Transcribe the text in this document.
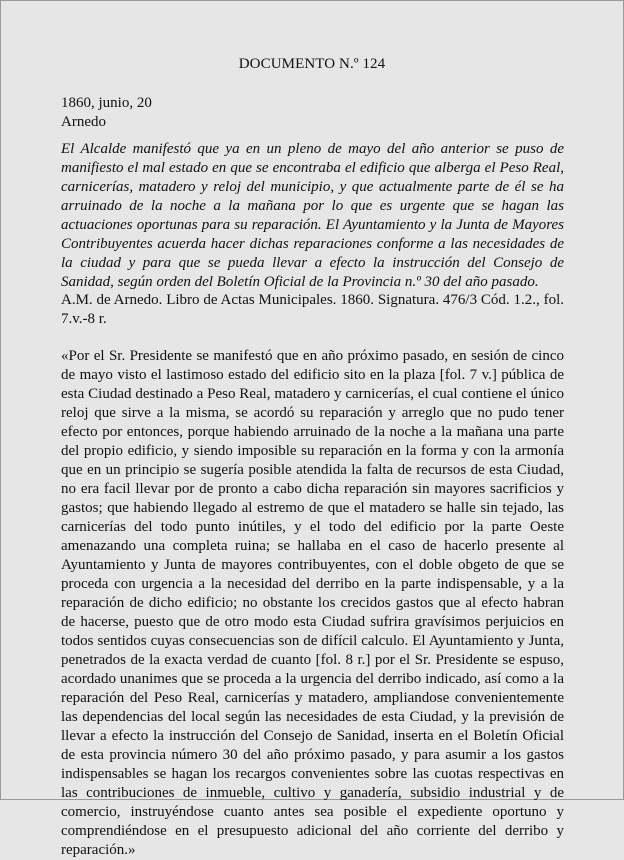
DOCUMENTO N.º 124
1860, junio, 20
Arnedo

El Alcalde manifestó que ya en un pleno de mayo del año anterior se puso de manifiesto el mal estado en que se encontraba el edificio que alberga el Peso Real, carnicerías, matadero y reloj del municipio, y que actualmente parte de él se ha arruinado de la noche a la mañana por lo que es urgente que se hagan las actuaciones oportunas para su reparación. El Ayuntamiento y la Junta de Mayores Contribuyentes acuerda hacer dichas reparaciones conforme a las necesidades de la ciudad y para que se pueda llevar a efecto la instrucción del Consejo de Sanidad, según orden del Boletín Oficial de la Provincia n.º 30 del año pasado.

A.M. de Arnedo. Libro de Actas Municipales. 1860. Signatura. 476/3 Cód. 1.2., fol. 7.v.-8 r.

«Por el Sr. Presidente se manifestó que en año próximo pasado, en sesión de cinco de mayo visto el lastimoso estado del edificio sito en la plaza [fol. 7 v.] pública de esta Ciudad destinado a Peso Real, matadero y carnicerías, el cual contiene el único reloj que sirve a la misma, se acordó su reparación y arreglo que no pudo tener efecto por entonces, porque habiendo arruinado de la noche a la mañana una parte del propio edificio, y siendo imposible su reparación en la forma y con la armonía que en un principio se sugería posible atendida la falta de recursos de esta Ciudad, no era facil llevar por de pronto a cabo dicha reparación sin mayores sacrificios y gastos; que habiendo llegado al estremo de que el matadero se halle sin tejado, las carnicerías del todo punto inútiles, y el todo del edificio por la parte Oeste amenazando una completa ruina; se hallaba en el caso de hacerlo presente al Ayuntamiento y Junta de mayores contribuyentes, con el doble obgeto de que se proceda con urgencia a la necesidad del derribo en la parte indispensable, y a la reparación de dicho edificio; no obstante los crecidos gastos que al efecto habran de hacerse, puesto que de otro modo esta Ciudad sufrira gravísimos perjuicios en todos sentidos cuyas consecuencias son de difícil calculo. El Ayuntamiento y Junta, penetrados de la exacta verdad de cuanto [fol. 8 r.] por el Sr. Presidente se espuso, acordado unanimes que se proceda a la urgencia del derribo indicado, así como a la reparación del Peso Real, carnicerías y matadero, ampliandose convenientemente las dependencias del local según las necesidades de esta Ciudad, y la previsión de llevar a efecto la instrucción del Consejo de Sanidad, inserta en el Boletín Oficial de esta provincia número 30 del año próximo pasado, y para asumir a los gastos indispensables se hagan los recargos convenientes sobre las cuotas respectivas en las contribuciones de inmueble, cultivo y ganadería, subsidio industrial y de comercio, instruyéndose cuanto antes sea posible el expediente oportuno y comprendiéndose en el presupuesto adicional del año corriente del derribo y reparación.»
